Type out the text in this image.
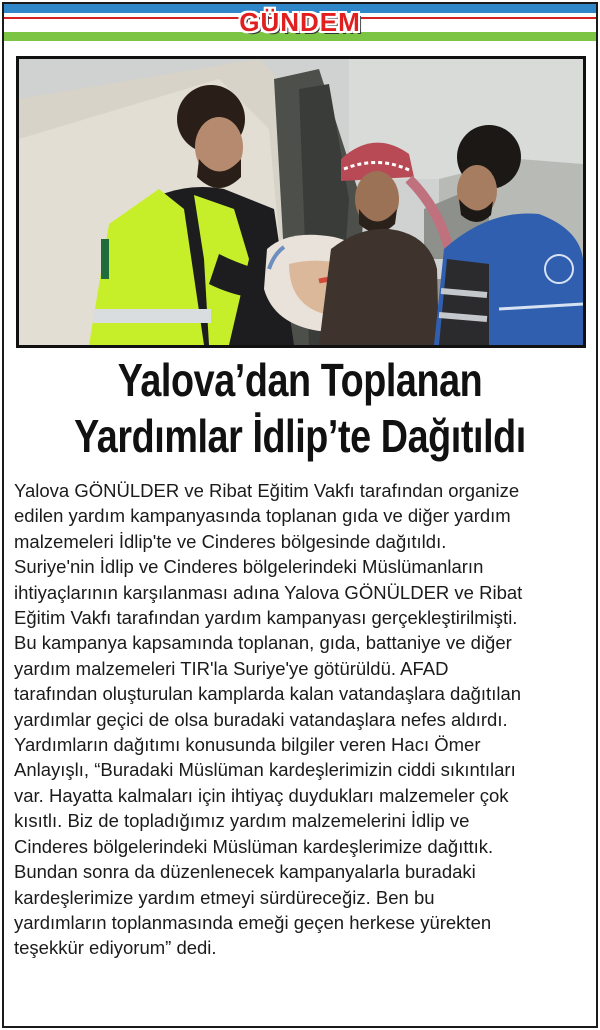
GÜNDEM
Yalova’dan Toplanan
Yardımlar İdlip’te Dağıtıldı
Yalova GÖNÜLDER ve Ribat Eğitim Vakfı tarafından organize
edilen yardım kampanyasında toplanan gıda ve diğer yardım
malzemeleri İdlip'te ve Cinderes bölgesinde dağıtıldı.
Suriye'nin İdlip ve Cinderes bölgelerindeki Müslümanların
ihtiyaçlarının karşılanması adına Yalova GÖNÜLDER ve Ribat
Eğitim Vakfı tarafından yardım kampanyası gerçekleştirilmişti.
Bu kampanya kapsamında toplanan, gıda, battaniye ve diğer
yardım malzemeleri TIR'la Suriye'ye götürüldü. AFAD
tarafından oluşturulan kamplarda kalan vatandaşlara dağıtılan
yardımlar geçici de olsa buradaki vatandaşlara nefes aldırdı.
Yardımların dağıtımı konusunda bilgiler veren Hacı Ömer
Anlayışlı, “Buradaki Müslüman kardeşlerimizin ciddi sıkıntıları
var. Hayatta kalmaları için ihtiyaç duydukları malzemeler çok
kısıtlı. Biz de topladığımız yardım malzemelerini İdlip ve
Cinderes bölgelerindeki Müslüman kardeşlerimize dağıttık.
Bundan sonra da düzenlenecek kampanyalarla buradaki
kardeşlerimize yardım etmeyi sürdüreceğiz. Ben bu
yardımların toplanmasında emeği geçen herkese yürekten
teşekkür ediyorum” dedi.
